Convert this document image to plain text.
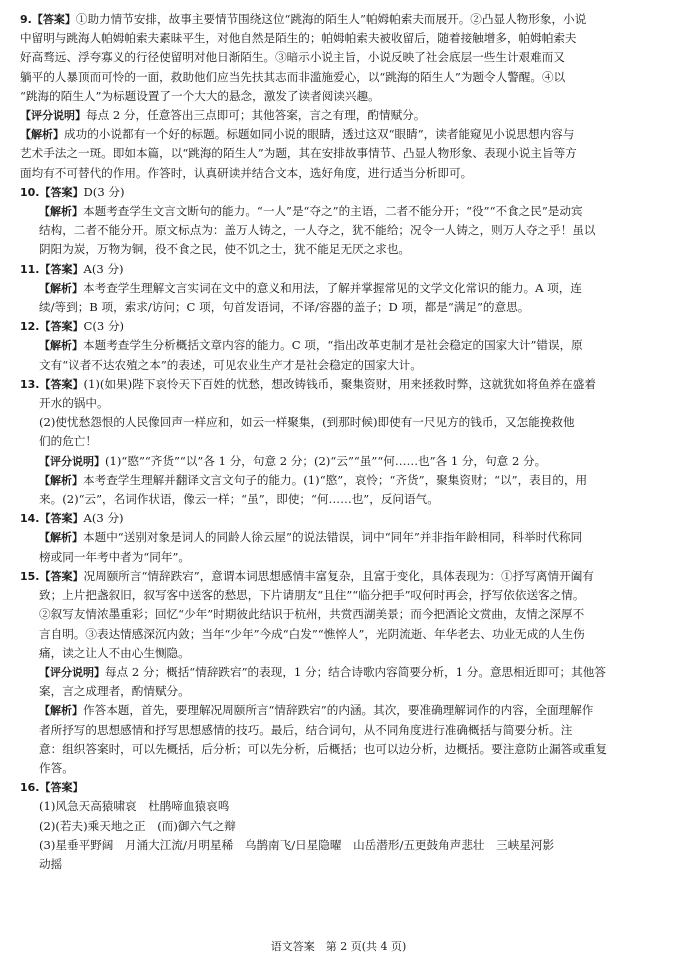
9.【答案】①助力情节安排，故事主要情节围绕这位“跳海的陌生人”帕姆帕索夫而展开。②凸显人物形象，小说
中留明与跳海人帕姆帕索夫素昧平生，对他自然是陌生的；帕姆帕索夫被收留后，随着接触增多，帕姆帕索夫
好高骛远、浮夸寡义的行径使留明对他日渐陌生。③暗示小说主旨，小说反映了社会底层一些生计艰难而又
躺平的人暴顶而可怜的一面，救助他们应当先扶其志而非滥施爱心，以“跳海的陌生人”为题令人警醒。④以
“跳海的陌生人”为标题设置了一个大大的悬念，激发了读者阅读兴趣。
【评分说明】每点 2 分，任意答出三点即可；其他答案，言之有理，酌情赋分。
【解析】成功的小说都有一个好的标题。标题如同小说的眼睛，透过这双“眼睛”，读者能窥见小说思想内容与
艺术手法之一斑。即如本篇，以“跳海的陌生人”为题，其在安排故事情节、凸显人物形象、表现小说主旨等方
面均有不可替代的作用。作答时，认真研读并结合文本，选好角度，进行适当分析即可。
10.【答案】D(3 分)
【解析】本题考查学生文言文断句的能力。“一人”是“夺之”的主语，二者不能分开；“役”“不食之民”是动宾
结构，二者不能分开。原文标点为：盖万人铸之，一人夺之，犹不能给；况令一人铸之，则万人夺之乎！虽以
阴阳为炭，万物为铜，役不食之民，使不饥之士，犹不能足无厌之求也。
11.【答案】A(3 分)
【解析】本考查学生理解文言实词在文中的意义和用法，了解并掌握常见的文学文化常识的能力。A 项，连
续/等到；B 项，索求/访问；C 项，句首发语词，不译/容器的盖子；D 项，都是“满足”的意思。
12.【答案】C(3 分)
【解析】本题考查学生分析概括文章内容的能力。C 项，“指出改革吏制才是社会稳定的国家大计”错误，原
文有“议者不达农殖之本”的表述，可见农业生产才是社会稳定的国家大计。
13.【答案】(1)(如果)陛下哀怜天下百姓的忧愁，想改铸钱币，聚集资财，用来拯救时弊，这就犹如将鱼养在盛着
开水的锅中。
(2)使忧愁怨恨的人民像回声一样应和，如云一样聚集，(到那时候)即使有一尺见方的钱币，又怎能挽救他
们的危亡！
【评分说明】(1)“愍”“齐货”“以”各 1 分，句意 2 分；(2)“云”“虽”“何……也”各 1 分，句意 2 分。
【解析】本考查学生理解并翻译文言文句子的能力。(1)“愍”，哀怜；“齐货”，聚集资财；“以”，表目的，用
来。(2)“云”，名词作状语，像云一样；“虽”，即使；“何……也”，反问语气。
14.【答案】A(3 分)
【解析】本题中“送别对象是词人的同龄人徐云屋”的说法错误，词中“同年”并非指年龄相同，科举时代称同
榜或同一年考中者为“同年”。
15.【答案】况周颐所言“情辞跌宕”，意谓本词思想感情丰富复杂，且富于变化，具体表现为：①抒写离情开阖有
致；上片把盏叙旧，叙写客中送客的愁思，下片请朋友“且住”“临分把手”叹何时再会，抒写依依送客之情。
②叙写友情浓墨重彩；回忆“少年”时期彼此结识于杭州，共赏西湖美景；而今把酒论文赏曲，友情之深厚不
言自明。③表达情感深沉内敛；当年“少年”今成“白发”“憔悴人”，光阴流逝、年华老去、功业无成的人生伤
痛，读之让人不由心生恻隐。
【评分说明】每点 2 分；概括“情辞跌宕”的表现，1 分；结合诗歌内容简要分析，1 分。意思相近即可；其他答
案，言之成理者，酌情赋分。
【解析】作答本题，首先，要理解况周颐所言“情辞跌宕”的内涵。其次，要准确理解词作的内容，全面理解作
者所抒写的思想感情和抒写思想感情的技巧。最后，结合词句，从不同角度进行准确概括与简要分析。注
意：组织答案时，可以先概括，后分析；可以先分析，后概括；也可以边分析，边概括。要注意防止漏答或重复
作答。
16.【答案】
(1)风急天高猿啸哀　杜鹃啼血猿哀鸣
(2)(若夫)乘天地之正　(而)御六气之辩
(3)星垂平野阔　月涌大江流/月明星稀　乌鹊南飞/日星隐曜　山岳潜形/五更鼓角声悲壮　三峡星河影
动摇
语文答案　第 2 页(共 4 页)
